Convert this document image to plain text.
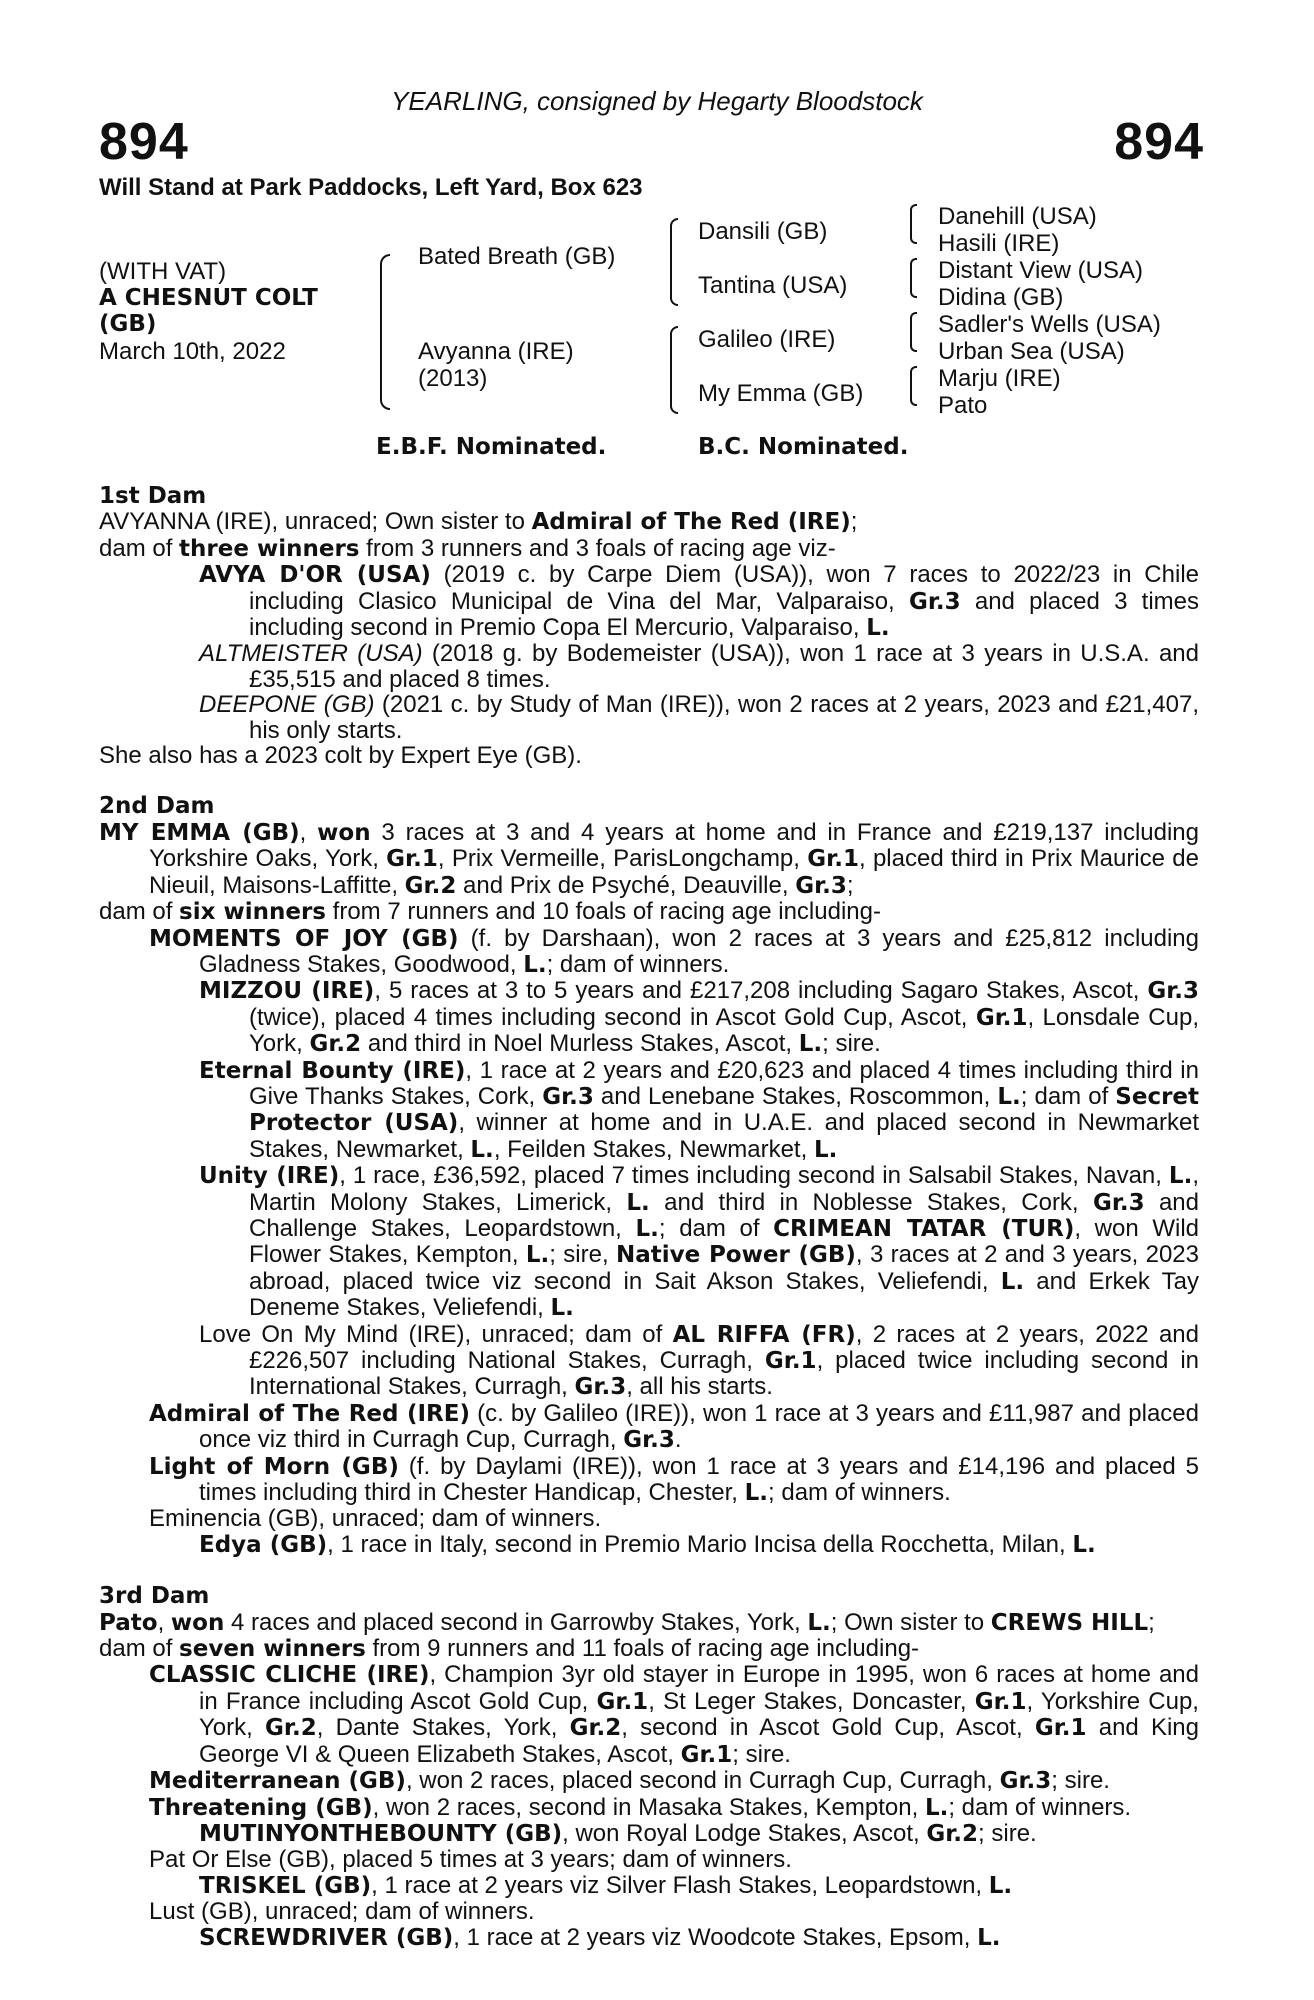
YEARLING, consigned by Hegarty Bloodstock
894	894
Will Stand at Park Paddocks, Left Yard, Box 623
(WITH VAT)
A CHESNUT COLT
(GB)
March 10th, 2022
Bated Breath (GB)
Avyanna (IRE)
(2013)
Dansili (GB)
Tantina (USA)
Galileo (IRE)
My Emma (GB)
Danehill (USA)
Hasili (IRE)
Distant View (USA)
Didina (GB)
Sadler's Wells (USA)
Urban Sea (USA)
Marju (IRE)
Pato
E.B.F. Nominated.	B.C. Nominated.
1st Dam
AVYANNA (IRE), unraced; Own sister to Admiral of The Red (IRE);
dam of three winners from 3 runners and 3 foals of racing age viz-
AVYA D'OR (USA) (2019 c. by Carpe Diem (USA)), won 7 races to 2022/23 in Chile including Clasico Municipal de Vina del Mar, Valparaiso, Gr.3 and placed 3 times including second in Premio Copa El Mercurio, Valparaiso, L.
ALTMEISTER (USA) (2018 g. by Bodemeister (USA)), won 1 race at 3 years in U.S.A. and £35,515 and placed 8 times.
DEEPONE (GB) (2021 c. by Study of Man (IRE)), won 2 races at 2 years, 2023 and £21,407, his only starts.
She also has a 2023 colt by Expert Eye (GB).
2nd Dam
MY EMMA (GB), won 3 races at 3 and 4 years at home and in France and £219,137 including Yorkshire Oaks, York, Gr.1, Prix Vermeille, ParisLongchamp, Gr.1, placed third in Prix Maurice de Nieuil, Maisons-Laffitte, Gr.2 and Prix de Psyché, Deauville, Gr.3;
dam of six winners from 7 runners and 10 foals of racing age including-
MOMENTS OF JOY (GB) (f. by Darshaan), won 2 races at 3 years and £25,812 including Gladness Stakes, Goodwood, L.; dam of winners.
MIZZOU (IRE), 5 races at 3 to 5 years and £217,208 including Sagaro Stakes, Ascot, Gr.3 (twice), placed 4 times including second in Ascot Gold Cup, Ascot, Gr.1, Lonsdale Cup, York, Gr.2 and third in Noel Murless Stakes, Ascot, L.; sire.
Eternal Bounty (IRE), 1 race at 2 years and £20,623 and placed 4 times including third in Give Thanks Stakes, Cork, Gr.3 and Lenebane Stakes, Roscommon, L.; dam of Secret Protector (USA), winner at home and in U.A.E. and placed second in Newmarket Stakes, Newmarket, L., Feilden Stakes, Newmarket, L.
Unity (IRE), 1 race, £36,592, placed 7 times including second in Salsabil Stakes, Navan, L., Martin Molony Stakes, Limerick, L. and third in Noblesse Stakes, Cork, Gr.3 and Challenge Stakes, Leopardstown, L.; dam of CRIMEAN TATAR (TUR), won Wild Flower Stakes, Kempton, L.; sire, Native Power (GB), 3 races at 2 and 3 years, 2023 abroad, placed twice viz second in Sait Akson Stakes, Veliefendi, L. and Erkek Tay Deneme Stakes, Veliefendi, L.
Love On My Mind (IRE), unraced; dam of AL RIFFA (FR), 2 races at 2 years, 2022 and £226,507 including National Stakes, Curragh, Gr.1, placed twice including second in International Stakes, Curragh, Gr.3, all his starts.
Admiral of The Red (IRE) (c. by Galileo (IRE)), won 1 race at 3 years and £11,987 and placed once viz third in Curragh Cup, Curragh, Gr.3.
Light of Morn (GB) (f. by Daylami (IRE)), won 1 race at 3 years and £14,196 and placed 5 times including third in Chester Handicap, Chester, L.; dam of winners.
Eminencia (GB), unraced; dam of winners.
Edya (GB), 1 race in Italy, second in Premio Mario Incisa della Rocchetta, Milan, L.
3rd Dam
Pato, won 4 races and placed second in Garrowby Stakes, York, L.; Own sister to CREWS HILL;
dam of seven winners from 9 runners and 11 foals of racing age including-
CLASSIC CLICHE (IRE), Champion 3yr old stayer in Europe in 1995, won 6 races at home and in France including Ascot Gold Cup, Gr.1, St Leger Stakes, Doncaster, Gr.1, Yorkshire Cup, York, Gr.2, Dante Stakes, York, Gr.2, second in Ascot Gold Cup, Ascot, Gr.1 and King George VI & Queen Elizabeth Stakes, Ascot, Gr.1; sire.
Mediterranean (GB), won 2 races, placed second in Curragh Cup, Curragh, Gr.3; sire.
Threatening (GB), won 2 races, second in Masaka Stakes, Kempton, L.; dam of winners.
MUTINYONTHEBOUNTY (GB), won Royal Lodge Stakes, Ascot, Gr.2; sire.
Pat Or Else (GB), placed 5 times at 3 years; dam of winners.
TRISKEL (GB), 1 race at 2 years viz Silver Flash Stakes, Leopardstown, L.
Lust (GB), unraced; dam of winners.
SCREWDRIVER (GB), 1 race at 2 years viz Woodcote Stakes, Epsom, L.
